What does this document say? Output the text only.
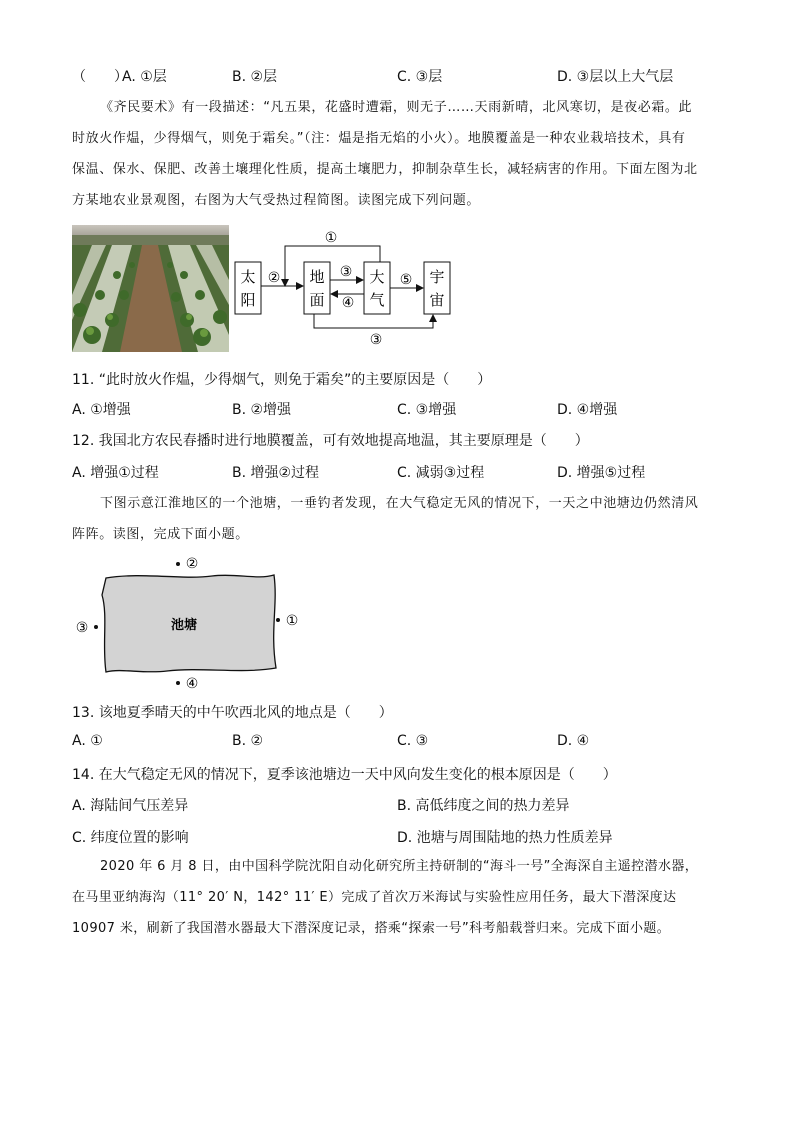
（　　）
A. ①层	B. ②层	C. ③层	D. ③层以上大气层
《齐民要术》有一段描述：“凡五果，花盛时遭霜，则无子……天雨新晴，北风寒切，是夜必霜。此
时放火作煴，少得烟气，则免于霜矣。”（注：煴是指无焰的小火）。地膜覆盖是一种农业栽培技术，具有
保温、保水、保肥、改善土壤理化性质，提高土壤肥力，抑制杂草生长，减轻病害的作用。下面左图为北
方某地农业景观图，右图为大气受热过程简图。读图完成下列问题。
太
阳
地
面
大
气
宇
宙
①
②	③
④
⑤
③
11. “此时放火作煴，少得烟气，则免于霜矣”的主要原因是（　　）
A. ①增强	B. ②增强	C. ③增强	D. ④增强
12. 我国北方农民春播时进行地膜覆盖，可有效地提高地温，其主要原理是（　　）
A. 增强①过程	B. 增强②过程	C. 减弱③过程	D. 增强⑤过程
下图示意江淮地区的一个池塘，一垂钓者发现，在大气稳定无风的情况下，一天之中池塘边仍然清风
阵阵。读图，完成下面小题。
池塘
②
①
③
④
13. 该地夏季晴天的中午吹西北风的地点是（　　）
A. ①	B. ②	C. ③	D. ④
14. 在大气稳定无风的情况下，夏季该池塘边一天中风向发生变化的根本原因是（　　）
A. 海陆间气压差异	B. 高低纬度之间的热力差异
C. 纬度位置的影响	D. 池塘与周围陆地的热力性质差异
2020 年 6 月 8 日，由中国科学院沈阳自动化研究所主持研制的“海斗一号”全海深自主遥控潜水器，
在马里亚纳海沟（11° 20′ N，142° 11′ E）完成了首次万米海试与实验性应用任务，最大下潜深度达
10907 米，刷新了我国潜水器最大下潜深度记录，搭乘“探索一号”科考船载誉归来。完成下面小题。
